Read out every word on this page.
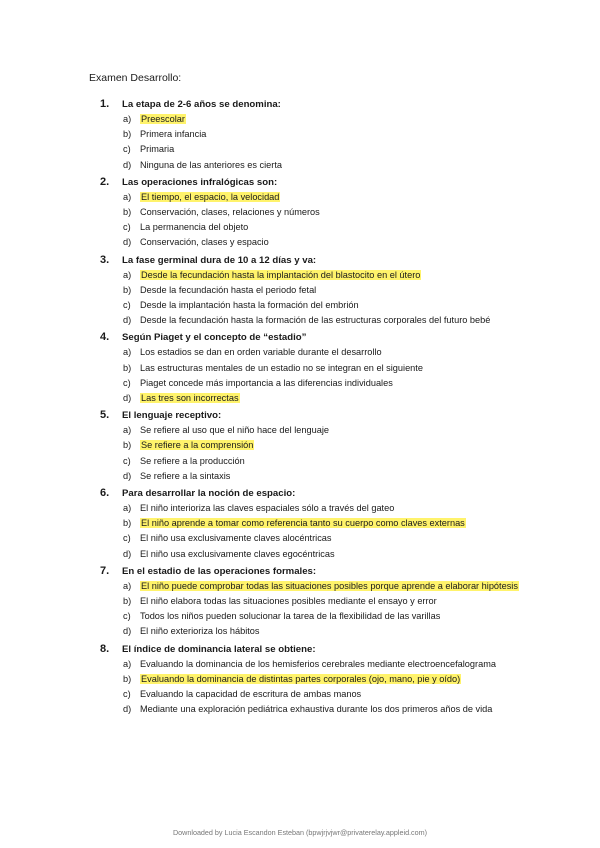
Examen Desarrollo:
1.	La etapa de 2-6 años se denomina:
a)	Preescolar
b) Primera infancia
c)	Primaria
d) Ninguna de las anteriores es cierta
2.	Las operaciones infralógicas son:
a)	El tiempo, el espacio, la velocidad
b) Conservación, clases, relaciones y números
c)	La permanencia del objeto
d) Conservación, clases y espacio
3.	La fase germinal dura de 10 a 12 días y va:
a)	Desde la fecundación hasta la implantación del blastocito en el útero
b) Desde la fecundación hasta el periodo fetal
c)	Desde la implantación hasta la formación del embrión
d) Desde la fecundación hasta la formación de las estructuras corporales del futuro bebé
4.	Según Piaget y el concepto de “estadio”
a) Los estadios se dan en orden variable durante el desarrollo
b) Las estructuras mentales de un estadio no se integran en el siguiente
c)	Piaget concede más importancia a las diferencias individuales
d)	Las tres son incorrectas
5.	El lenguaje receptivo:
a) Se refiere al uso que el niño hace del lenguaje
b)	Se refiere a la comprensión
c)	Se refiere a la producción
d) Se refiere a la sintaxis
6.	Para desarrollar la noción de espacio:
a) El niño interioriza las claves espaciales sólo a través del gateo
b)	El niño aprende a tomar como referencia tanto su cuerpo como claves externas
c)	El niño usa exclusivamente claves alocéntricas
d) El niño usa exclusivamente claves egocéntricas
7.	En el estadio de las operaciones formales:
a)	El niño puede comprobar todas las situaciones posibles porque aprende a elaborar hipótesis
b) El niño elabora todas las situaciones posibles mediante el ensayo y error
c)	Todos los niños pueden solucionar la tarea de la flexibilidad de las varillas
d) El niño exterioriza los hábitos
8.	El índice de dominancia lateral se obtiene:
a) Evaluando la dominancia de los hemisferios cerebrales mediante electroencefalograma
b)	Evaluando la dominancia de distintas partes corporales (ojo, mano, pie y oído)
c)	Evaluando la capacidad de escritura de ambas manos
d) Mediante una exploración pediátrica exhaustiva durante los dos primeros años de vida
Downloaded by Lucia Escandon Esteban (bpwjrjvjwr@privaterelay.appleid.com)
